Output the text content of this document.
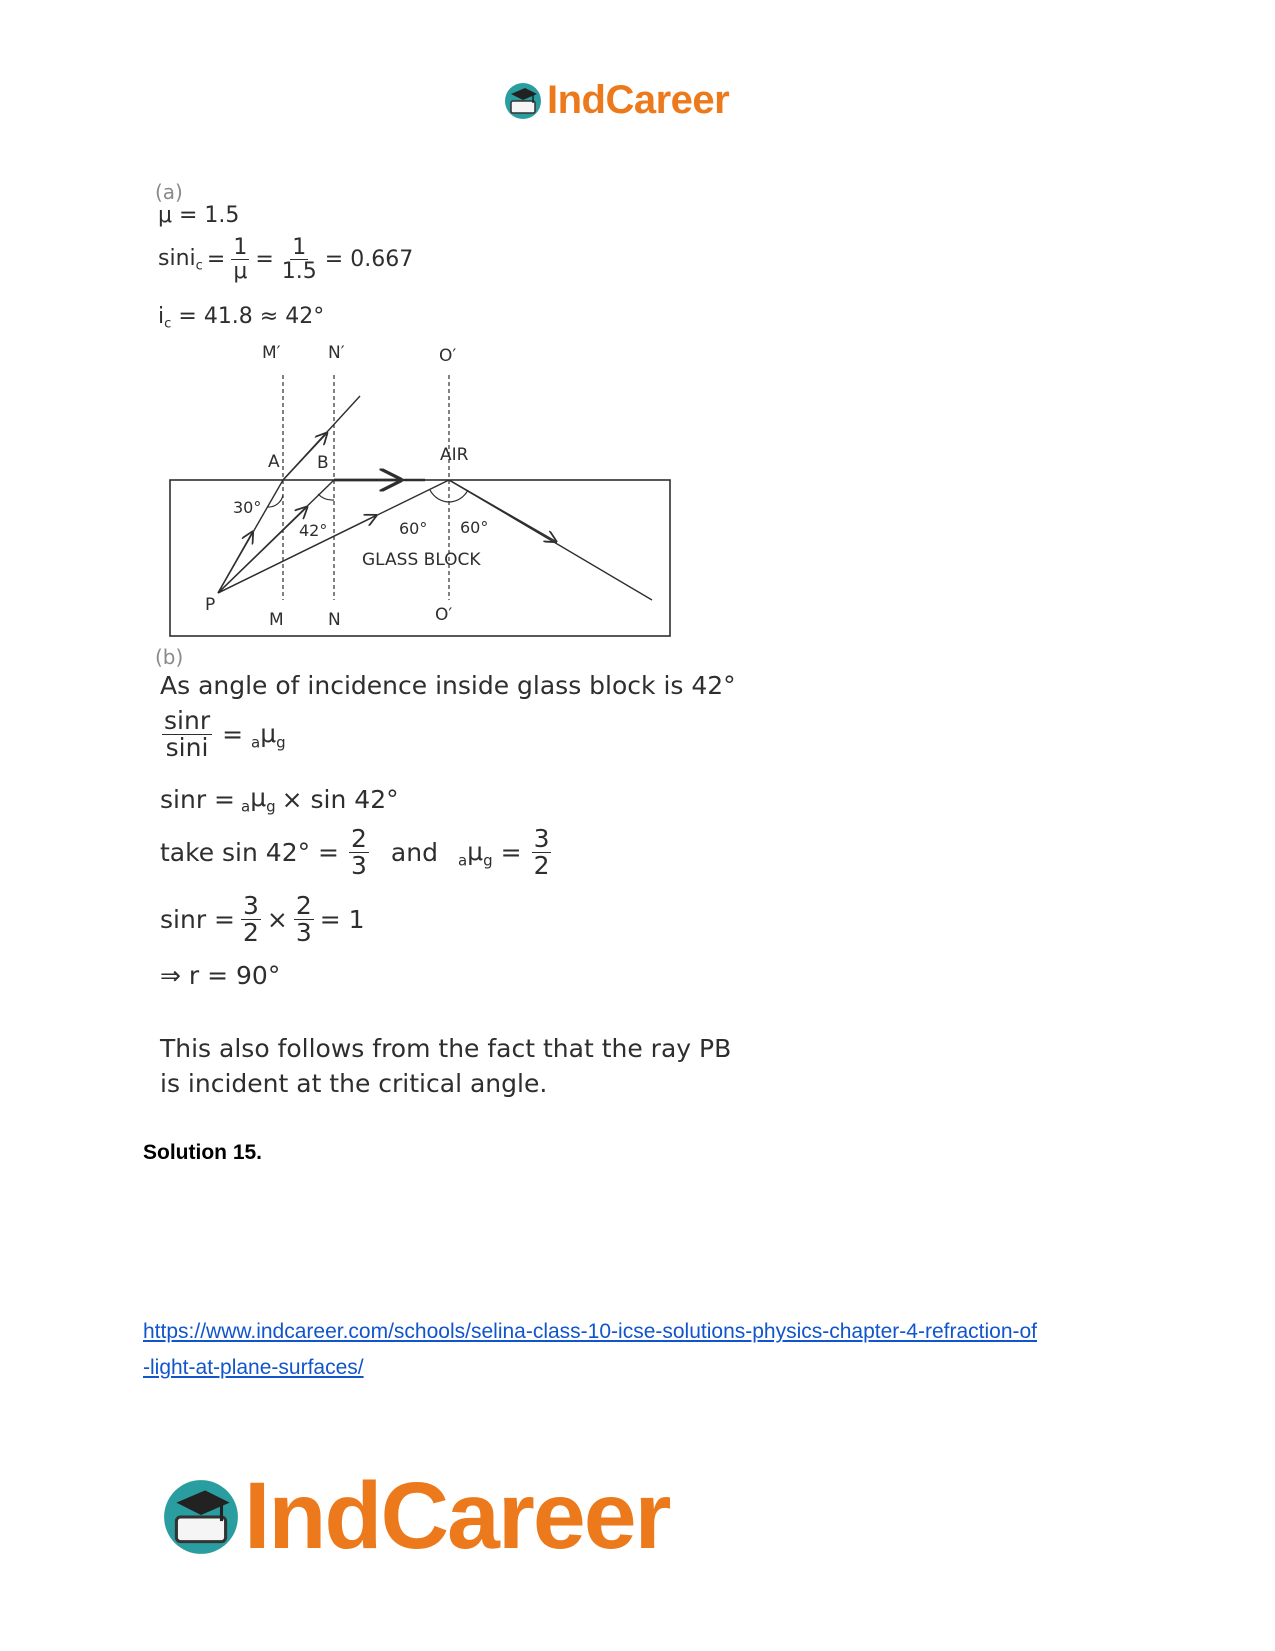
IndCareer
(a)
μ = 1.5
$\sin i_c = \frac{1}{\mu} = \frac{1}{1.5} = 0.667$
$i_c = 41.8 \approx 42^\circ$
M′	N′	O′
A B	AIR
30°
42°	60° 60°
GLASS BLOCK
P
M	N	O′
(b)
As angle of incidence inside glass block is 42°
$\frac{\sin r}{\sin i} = _a\mu_g$
$\sin r = _a\mu_g \times \sin 42^\circ$
take $\sin 42^\circ = \frac{2}{3}$ and $_a\mu_g = \frac{3}{2}$
$\sin r = \frac{3}{2} \times \frac{2}{3} = 1$
⇒ r = 90°
This also follows from the fact that the ray PB
is incident at the critical angle.
Solution 15.
https://www.indcareer.com/schools/selina-class-10-icse-solutions-physics-chapter-4-refraction-of
-light-at-plane-surfaces/
IndCareer
